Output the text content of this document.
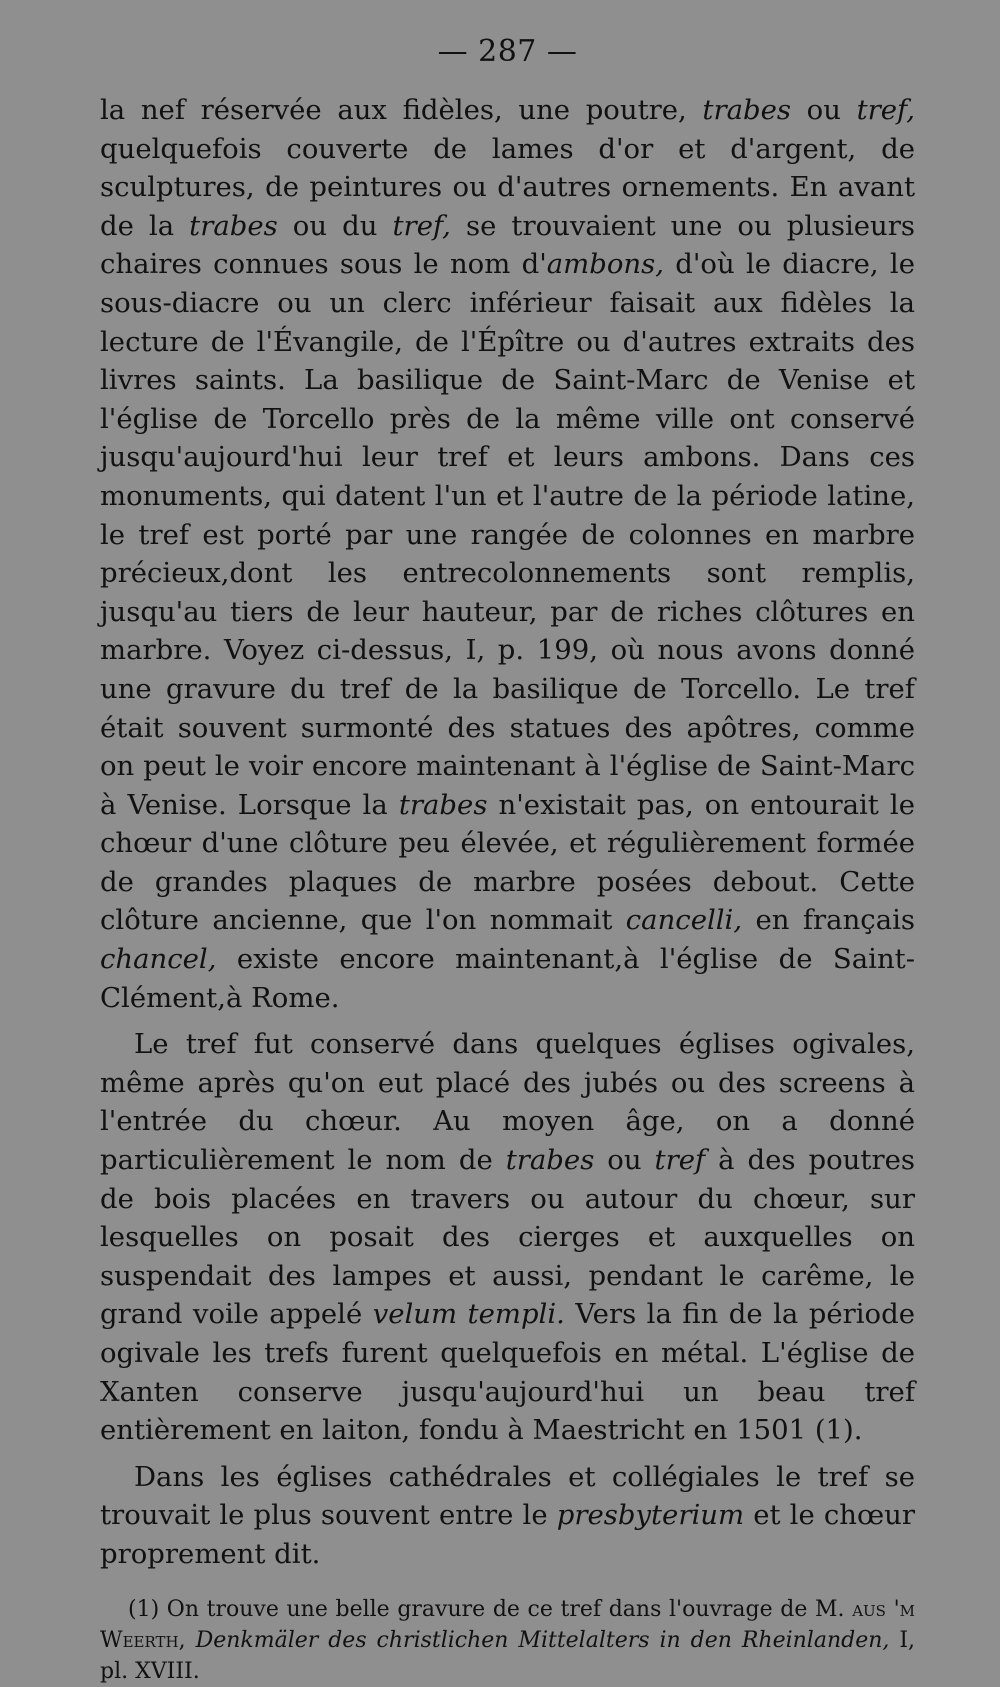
— 287 —

la nef réservée aux fidèles, une poutre, trabes ou tref, quelquefois couverte de lames d'or et d'argent, de sculptures, de peintures ou d'autres ornements. En avant de la trabes ou du tref, se trouvaient une ou plusieurs chaires connues sous le nom d'ambons, d'où le diacre, le sous-diacre ou un clerc inférieur faisait aux fidèles la lecture de l'Évangile, de l'Épître ou d'autres extraits des livres saints. La basilique de Saint-Marc de Venise et l'église de Torcello près de la même ville ont conservé jusqu'aujourd'hui leur tref et leurs ambons. Dans ces monuments, qui datent l'un et l'autre de la période latine, le tref est porté par une rangée de colonnes en marbre précieux,dont les entrecolonnements sont remplis, jusqu'au tiers de leur hauteur, par de riches clôtures en marbre. Voyez ci-dessus, I, p. 199, où nous avons donné une gravure du tref de la basilique de Torcello. Le tref était souvent surmonté des statues des apôtres, comme on peut le voir encore maintenant à l'église de Saint-Marc à Venise. Lorsque la trabes n'existait pas, on entourait le chœur d'une clôture peu élevée, et régulièrement formée de grandes plaques de marbre posées debout. Cette clôture ancienne, que l'on nommait cancelli, en français chancel, existe encore maintenant,à l'église de Saint-Clément,à Rome.

Le tref fut conservé dans quelques églises ogivales, même après qu'on eut placé des jubés ou des screens à l'entrée du chœur. Au moyen âge, on a donné particulièrement le nom de trabes ou tref à des poutres de bois placées en travers ou autour du chœur, sur lesquelles on posait des cierges et auxquelles on suspendait des lampes et aussi, pendant le carême, le grand voile appelé velum templi. Vers la fin de la période ogivale les trefs furent quelquefois en métal. L'église de Xanten conserve jusqu'aujourd'hui un beau tref entièrement en laiton, fondu à Maestricht en 1501 (1).

Dans les églises cathédrales et collégiales le tref se trouvait le plus souvent entre le presbyterium et le chœur proprement dit.

(1) On trouve une belle gravure de ce tref dans l'ouvrage de M. aus 'm Weerth, Denkmäler des christlichen Mittelalters in den Rheinlanden, I, pl. XVIII.
